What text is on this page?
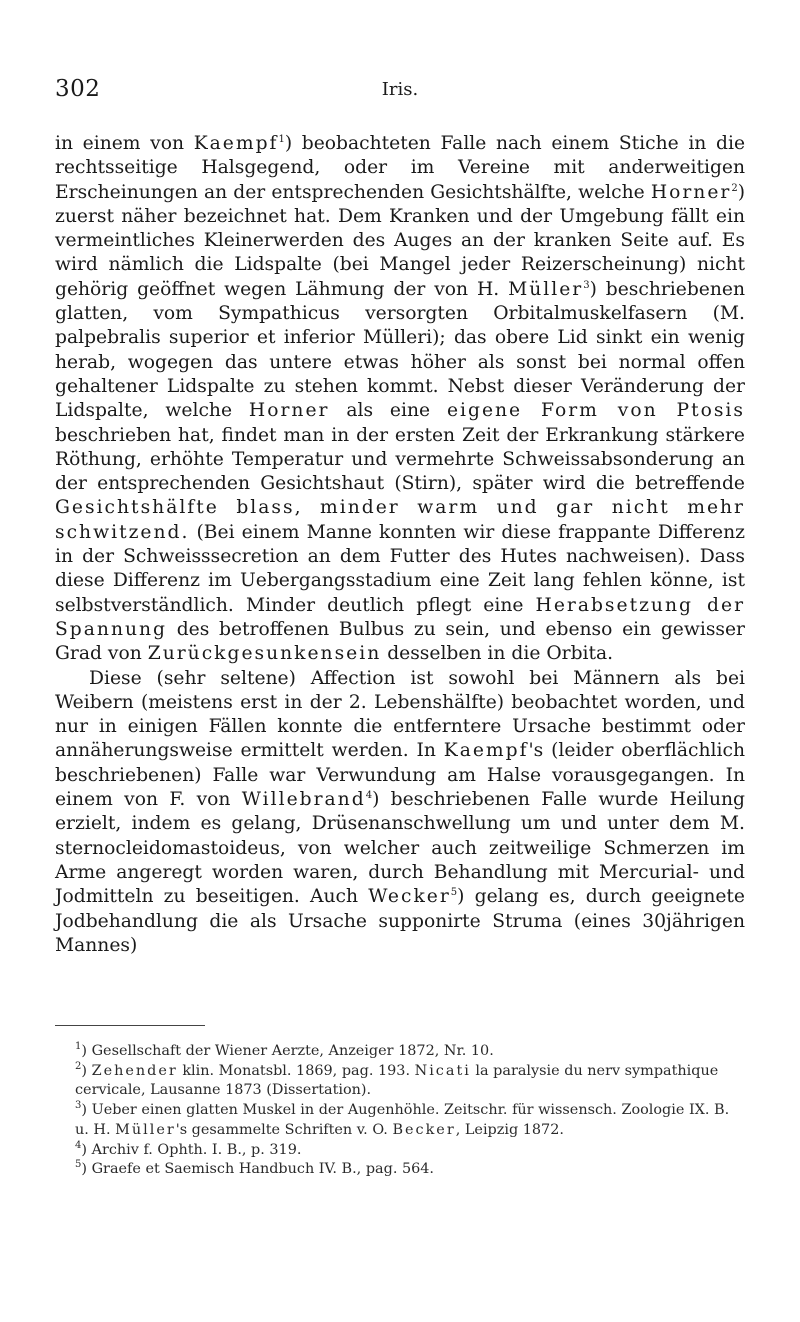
302	Iris.

in einem von Kaempf$^1$) beobachteten Falle nach einem Stiche in die rechtsseitige Halsgegend, oder im Vereine mit anderweitigen Erscheinungen an der entsprechenden Gesichtshälfte, welche Horner$^2$) zuerst näher bezeichnet hat. Dem Kranken und der Umgebung fällt ein vermeintliches Kleinerwerden des Auges an der kranken Seite auf. Es wird nämlich die Lidspalte (bei Mangel jeder Reizerscheinung) nicht gehörig geöffnet wegen Lähmung der von H. Müller$^3$) beschriebenen glatten, vom Sympathicus versorgten Orbitalmuskelfasern (M. palpebralis superior et inferior Mülleri); das obere Lid sinkt ein wenig herab, wogegen das untere etwas höher als sonst bei normal offen gehaltener Lidspalte zu stehen kommt. Nebst dieser Veränderung der Lidspalte, welche Horner als eine eigene Form von Ptosis beschrieben hat, findet man in der ersten Zeit der Erkrankung stärkere Röthung, erhöhte Temperatur und vermehrte Schweissabsonderung an der entsprechenden Gesichtshaut (Stirn), später wird die betreffende Gesichtshälfte blass, minder warm und gar nicht mehr schwitzend. (Bei einem Manne konnten wir diese frappante Differenz in der Schweisssecretion an dem Futter des Hutes nachweisen). Dass diese Differenz im Uebergangsstadium eine Zeit lang fehlen könne, ist selbstverständlich. Minder deutlich pflegt eine Herabsetzung der Spannung des betroffenen Bulbus zu sein, und ebenso ein gewisser Grad von Zurückgesunkensein desselben in die Orbita.

Diese (sehr seltene) Affection ist sowohl bei Männern als bei Weibern (meistens erst in der 2. Lebenshälfte) beobachtet worden, und nur in einigen Fällen konnte die entferntere Ursache bestimmt oder annäherungsweise ermittelt werden. In Kaempf's (leider oberflächlich beschriebenen) Falle war Verwundung am Halse vorausgegangen. In einem von F. von Willebrand$^4$) beschriebenen Falle wurde Heilung erzielt, indem es gelang, Drüsenanschwellung um und unter dem M. sternocleidomastoideus, von welcher auch zeitweilige Schmerzen im Arme angeregt worden waren, durch Behandlung mit Mercurial- und Jodmitteln zu beseitigen. Auch Wecker$^5$) gelang es, durch geeignete Jodbehandlung die als Ursache supponirte Struma (eines 30jährigen Mannes)

$^1$) Gesellschaft der Wiener Aerzte, Anzeiger 1872, Nr. 10.

$^2$) Zehender klin. Monatsbl. 1869, pag. 193. Nicati la paralysie du nerv sympathique cervicale, Lausanne 1873 (Dissertation).

$^3$) Ueber einen glatten Muskel in der Augenhöhle. Zeitschr. für wissensch. Zoologie IX. B. u. H. Müller's gesammelte Schriften v. O. Becker, Leipzig 1872.

$^4$) Archiv f. Ophth. I. B., p. 319.

$^5$) Graefe et Saemisch Handbuch IV. B., pag. 564.
